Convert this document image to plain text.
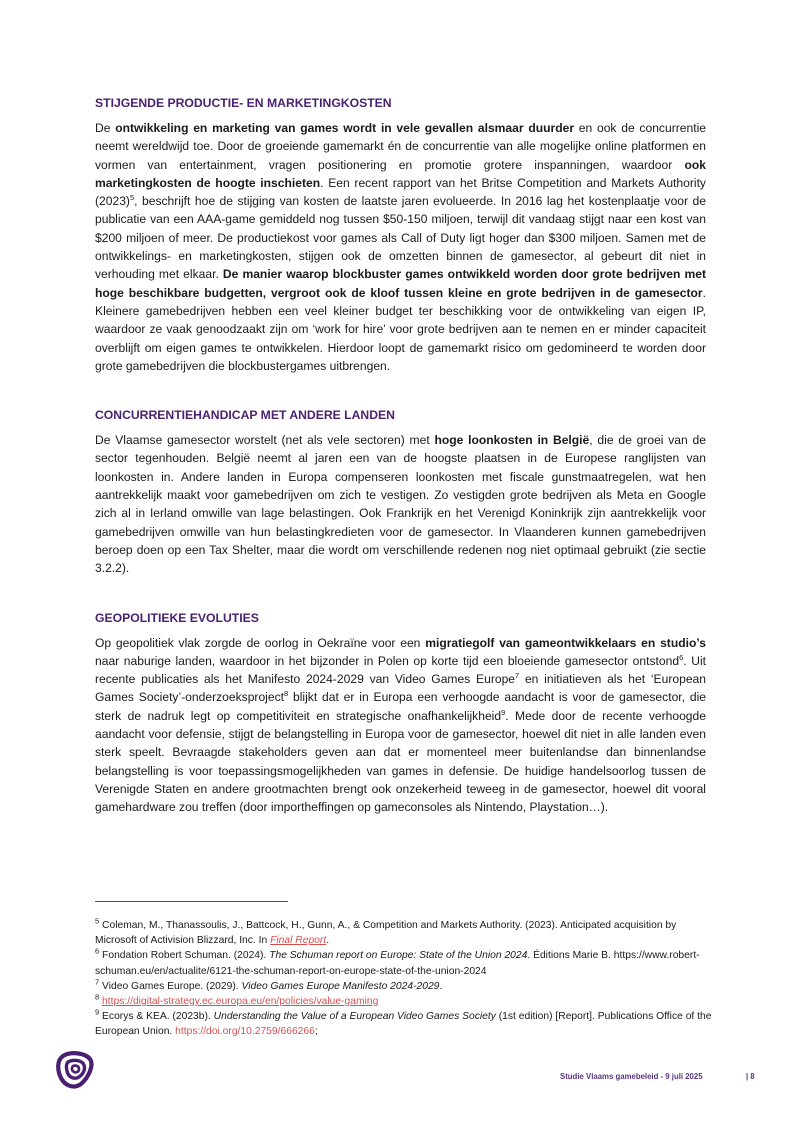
STIJGENDE PRODUCTIE- EN MARKETINGKOSTEN

De ontwikkeling en marketing van games wordt in vele gevallen alsmaar duurder en ook de concurrentie neemt wereldwijd toe. Door de groeiende gamemarkt én de concurrentie van alle mogelijke online platformen en vormen van entertainment, vragen positionering en promotie grotere inspanningen, waardoor ook marketingkosten de hoogte inschieten. Een recent rapport van het Britse Competition and Markets Authority $(2023)^5$, beschrijft hoe de stijging van kosten de laatste jaren evolueerde. In 2016 lag het kostenplaatje voor de publicatie van een AAA-game gemiddeld nog tussen $50-150 miljoen, terwijl dit vandaag stijgt naar een kost van $200 miljoen of meer. De productiekost voor games als Call of Duty ligt hoger dan $300 miljoen. Samen met de ontwikkelings- en marketingkosten, stijgen ook de omzetten binnen de gamesector, al gebeurt dit niet in verhouding met elkaar. De manier waarop blockbuster games ontwikkeld worden door grote bedrijven met hoge beschikbare budgetten, vergroot ook de kloof tussen kleine en grote bedrijven in de gamesector. Kleinere gamebedrijven hebben een veel kleiner budget ter beschikking voor de ontwikkeling van eigen IP, waardoor ze vaak genoodzaakt zijn om ‘work for hire’ voor grote bedrijven aan te nemen en er minder capaciteit overblijft om eigen games te ontwikkelen. Hierdoor loopt de gamemarkt risico om gedomineerd te worden door grote gamebedrijven die blockbustergames uitbrengen.

CONCURRENTIEHANDICAP MET ANDERE LANDEN

De Vlaamse gamesector worstelt (net als vele sectoren) met hoge loonkosten in België, die de groei van de sector tegenhouden. België neemt al jaren een van de hoogste plaatsen in de Europese ranglijsten van loonkosten in. Andere landen in Europa compenseren loonkosten met fiscale gunstmaatregelen, wat hen aantrekkelijk maakt voor gamebedrijven om zich te vestigen. Zo vestigden grote bedrijven als Meta en Google zich al in Ierland omwille van lage belastingen. Ook Frankrijk en het Verenigd Koninkrijk zijn aantrekkelijk voor gamebedrijven omwille van hun belastingkredieten voor de gamesector. In Vlaanderen kunnen gamebedrijven beroep doen op een Tax Shelter, maar die wordt om verschillende redenen nog niet optimaal gebruikt (zie sectie 3.2.2).

GEOPOLITIEKE EVOLUTIES

Op geopolitiek vlak zorgde de oorlog in Oekraïne voor een migratiegolf van gameontwikkelaars en studio’s naar naburige landen, waardoor in het bijzonder in Polen op korte tijd een bloeiende gamesector ontstond$^6$. Uit recente publicaties als het Manifesto 2024-2029 van Video Games Europe$^7$ en initiatieven als het ‘European Games Society’-onderzoeksproject$^8$ blijkt dat er in Europa een verhoogde aandacht is voor de gamesector, die sterk de nadruk legt op competitiviteit en strategische onafhankelijkheid$^9$. Mede door de recente verhoogde aandacht voor defensie, stijgt de belangstelling in Europa voor de gamesector, hoewel dit niet in alle landen even sterk speelt. Bevraagde stakeholders geven aan dat er momenteel meer buitenlandse dan binnenlandse belangstelling is voor toepassingsmogelijkheden van games in defensie. De huidige handelsoorlog tussen de Verenigde Staten en andere grootmachten brengt ook onzekerheid teweeg in de gamesector, hoewel dit vooral gamehardware zou treffen (door importheffingen op gameconsoles als Nintendo, Playstation…).

$^5$ Coleman, M., Thanassoulis, J., Battcock, H., Gunn, A., & Competition and Markets Authority. (2023). Anticipated acquisition by Microsoft of Activision Blizzard, Inc. In Final Report.

$^6$ Fondation Robert Schuman. (2024). The Schuman report on Europe: State of the Union 2024. Éditions Marie B. https://www.robert-schuman.eu/en/actualite/6121-the-schuman-report-on-europe-state-of-the-union-2024

$^7$ Video Games Europe. (2029). Video Games Europe Manifesto 2024-2029.

$^8$ https://digital-strategy.ec.europa.eu/en/policies/value-gaming

$^9$ Ecorys & KEA. (2023b). Understanding the Value of a European Video Games Society (1st edition) [Report]. Publications Office of the European Union. https://doi.org/10.2759/666266;

Studie Vlaams gamebeleid - 9 juli 2025	| 8
